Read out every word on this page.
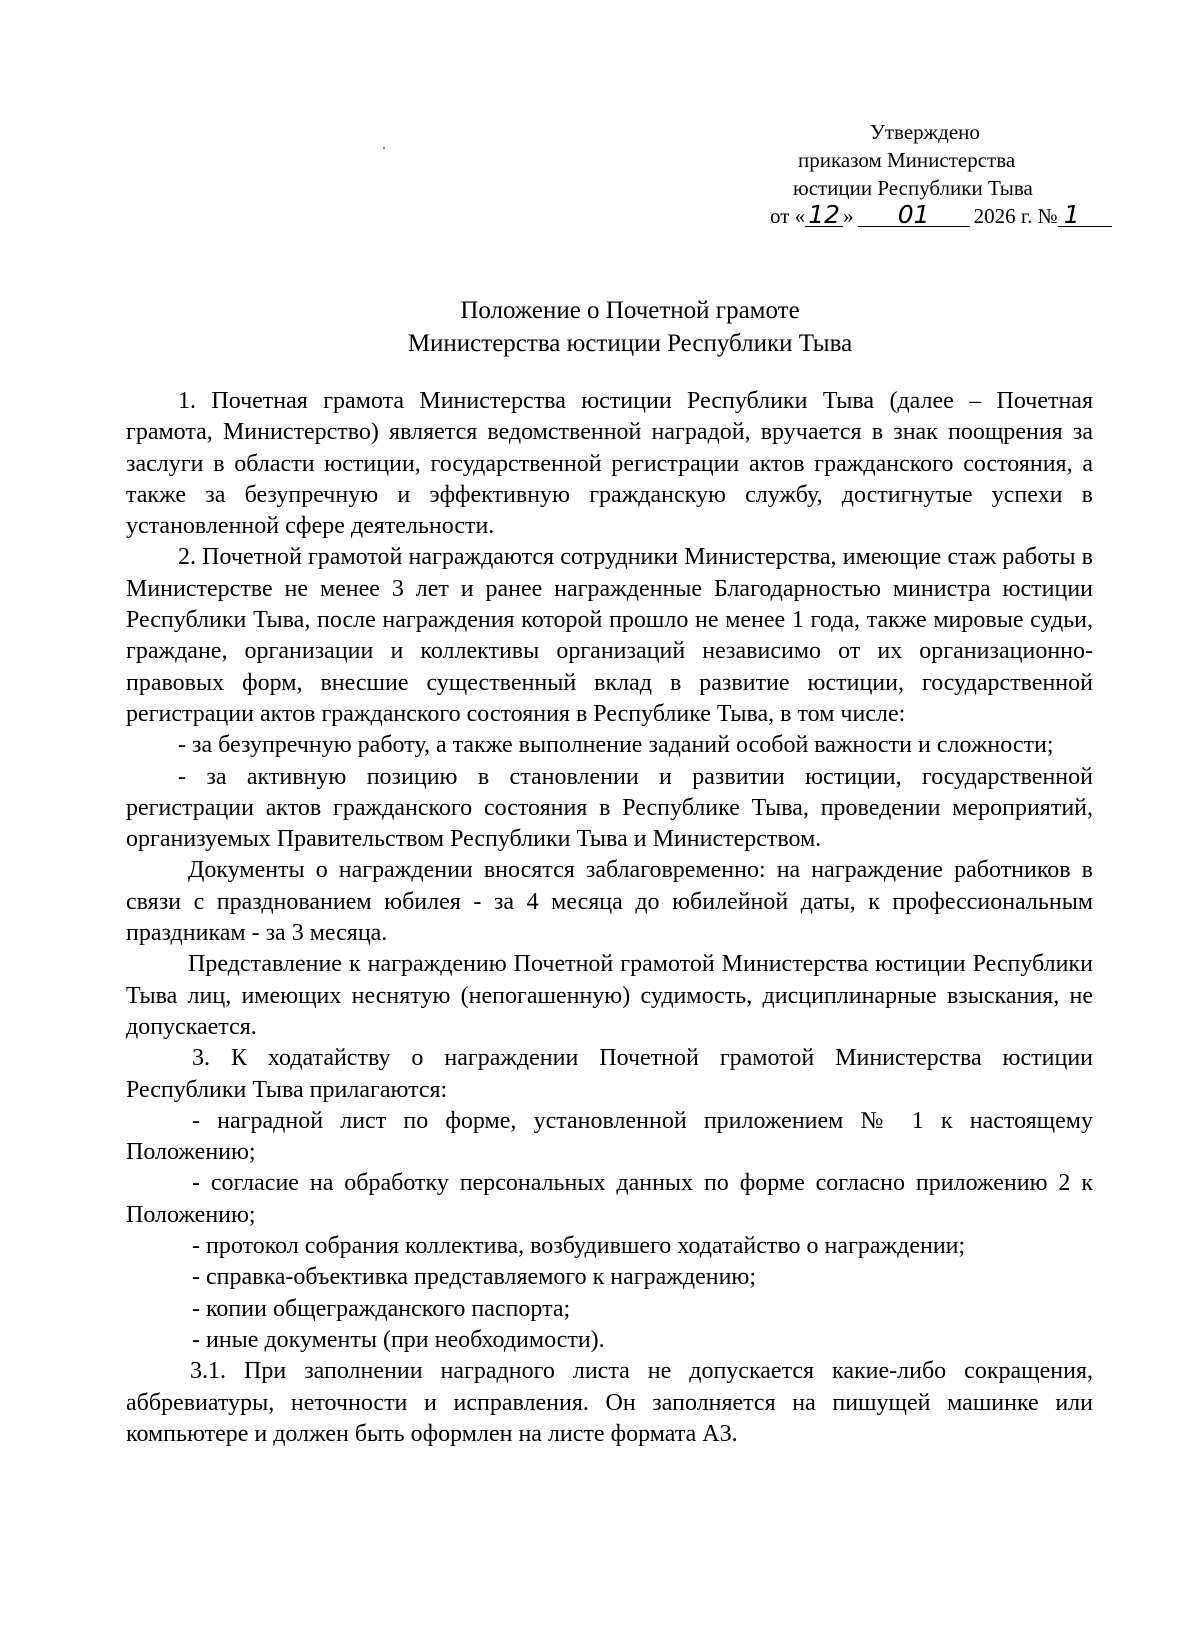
Утверждено
приказом Министерства
юстиции Республики Тыва
от « 12 » 01 2026 г. № 1
Положение о Почетной грамоте
Министерства юстиции Республики Тыва

1. Почетная грамота Министерства юстиции Республики Тыва (далее – Почетная грамота, Министерство) является ведомственной наградой, вручается в знак поощрения за заслуги в области юстиции, государственной регистрации актов гражданского состояния, а также за безупречную и эффективную гражданскую службу, достигнутые успехи в установленной сфере деятельности.

2. Почетной грамотой награждаются сотрудники Министерства, имеющие стаж работы в Министерстве не менее 3 лет и ранее награжденные Благодарностью министра юстиции Республики Тыва, после награждения которой прошло не менее 1 года, также мировые судьи, граждане, организации и коллективы организаций независимо от их организационно-правовых форм, внесшие существенный вклад в развитие юстиции, государственной регистрации актов гражданского состояния в Республике Тыва, в том числе:

- за безупречную работу, а также выполнение заданий особой важности и сложности;

- за активную позицию в становлении и развитии юстиции, государственной регистрации актов гражданского состояния в Республике Тыва, проведении мероприятий, организуемых Правительством Республики Тыва и Министерством.

Документы о награждении вносятся заблаговременно: на награждение работников в связи с празднованием юбилея - за 4 месяца до юбилейной даты, к профессиональным праздникам - за 3 месяца.

Представление к награждению Почетной грамотой Министерства юстиции Республики Тыва лиц, имеющих неснятую (непогашенную) судимость, дисциплинарные взыскания, не допускается.

3. К ходатайству о награждении Почетной грамотой Министерства юстиции Республики Тыва прилагаются:

- наградной лист по форме, установленной приложением № 1 к настоящему Положению;

- согласие на обработку персональных данных по форме согласно приложению 2 к Положению;

- протокол собрания коллектива, возбудившего ходатайство о награждении;

- справка-объективка представляемого к награждению;

- копии общегражданского паспорта;

- иные документы (при необходимости).

3.1. При заполнении наградного листа не допускается какие-либо сокращения, аббревиатуры, неточности и исправления. Он заполняется на пишущей машинке или компьютере и должен быть оформлен на листе формата А3.
